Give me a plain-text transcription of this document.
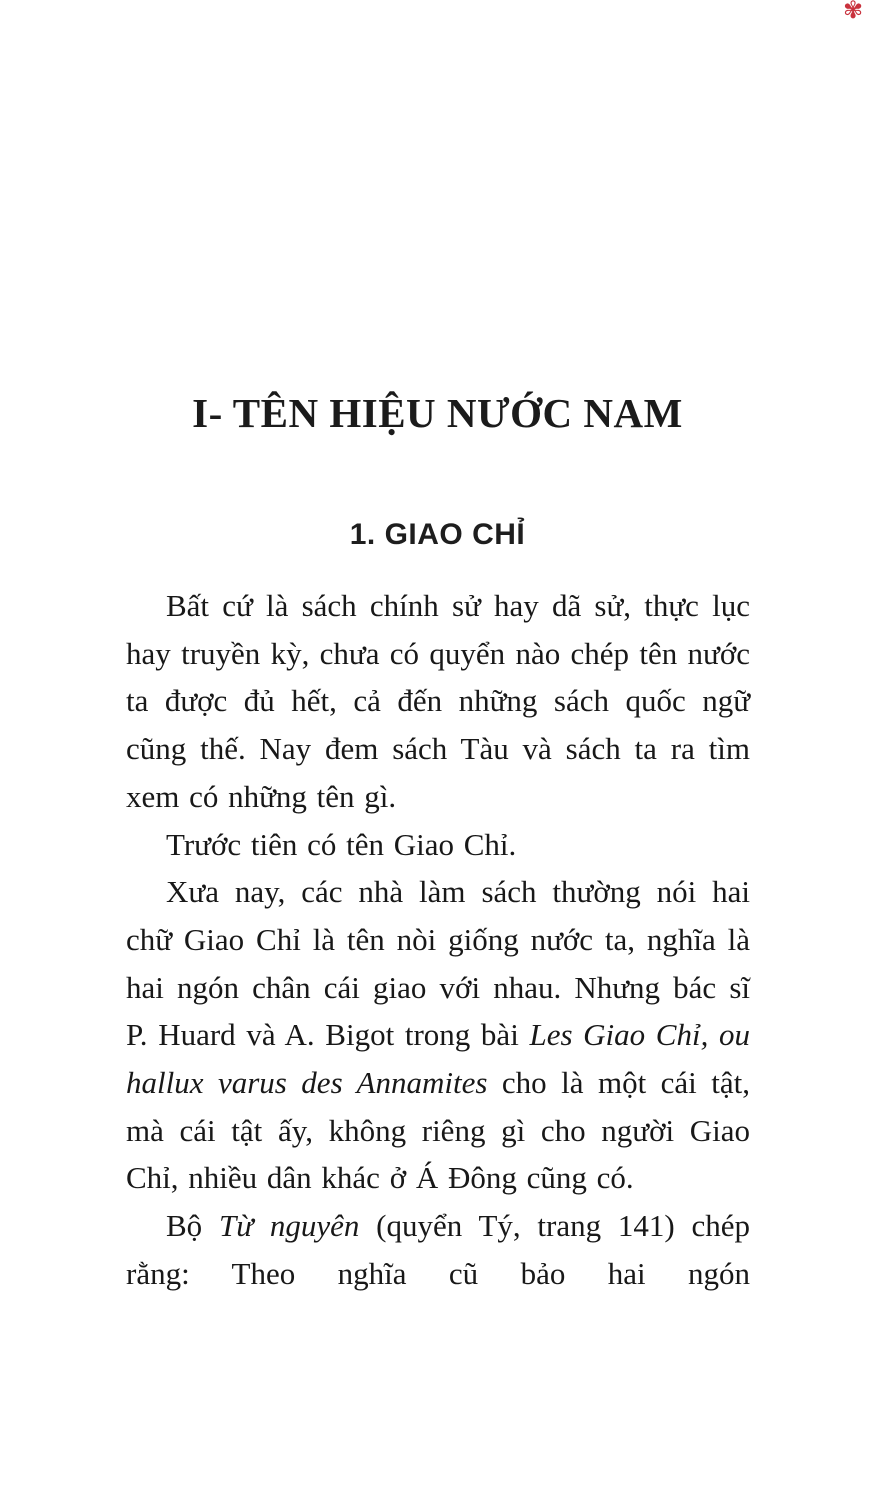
✾
I- TÊN HIỆU NƯỚC NAM
1. GIAO CHỈ

Bất cứ là sách chính sử hay dã sử, thực lục hay truyền kỳ, chưa có quyển nào chép tên nước ta được đủ hết, cả đến những sách quốc ngữ cũng thế. Nay đem sách Tàu và sách ta ra tìm xem có những tên gì.

Trước tiên có tên Giao Chỉ.

Xưa nay, các nhà làm sách thường nói hai chữ Giao Chỉ là tên nòi giống nước ta, nghĩa là hai ngón chân cái giao với nhau. Nhưng bác sĩ P. Huard và A. Bigot trong bài Les Giao Chỉ, ou hallux varus des Annamites cho là một cái tật, mà cái tật ấy, không riêng gì cho người Giao Chỉ, nhiều dân khác ở Á Đông cũng có.

Bộ Từ nguyên (quyển Tý, trang 141) chép rằng: Theo nghĩa cũ bảo hai ngón
